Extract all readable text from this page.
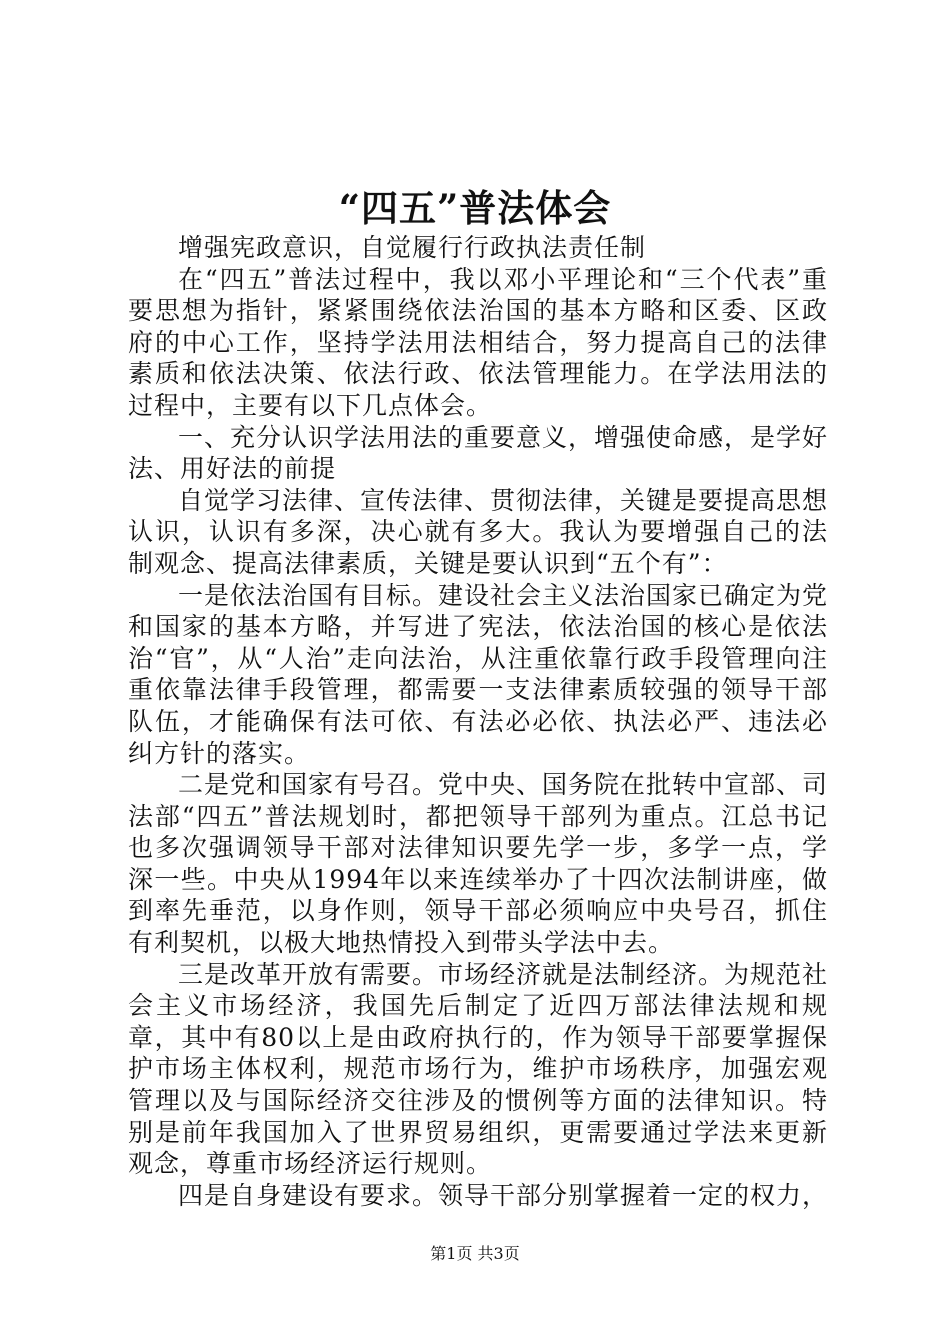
“四五”普法体会

增强宪政意识，自觉履行行政执法责任制

在“四五”普法过程中，我以邓小平理论和“三个代表”重要思想为指针，紧紧围绕依法治国的基本方略和区委、区政府的中心工作，坚持学法用法相结合，努力提高自己的法律素质和依法决策、依法行政、依法管理能力。在学法用法的过程中，主要有以下几点体会。

一、充分认识学法用法的重要意义，增强使命感，是学好法、用好法的前提

自觉学习法律、宣传法律、贯彻法律，关键是要提高思想认识，认识有多深，决心就有多大。我认为要增强自己的法制观念、提高法律素质，关键是要认识到“五个有”：

一是依法治国有目标。建设社会主义法治国家已确定为党和国家的基本方略，并写进了宪法，依法治国的核心是依法治“官”，从“人治”走向法治，从注重依靠行政手段管理向注重依靠法律手段管理，都需要一支法律素质较强的领导干部队伍，才能确保有法可依、有法必必依、执法必严、违法必纠方针的落实。

二是党和国家有号召。党中央、国务院在批转中宣部、司法部“四五”普法规划时，都把领导干部列为重点。江总书记也多次强调领导干部对法律知识要先学一步，多学一点，学深一些。中央从1994年以来连续举办了十四次法制讲座，做到率先垂范，以身作则，领导干部必须响应中央号召，抓住有利契机，以极大地热情投入到带头学法中去。

三是改革开放有需要。市场经济就是法制经济。为规范社会主义市场经济，我国先后制定了近四万部法律法规和规章，其中有80以上是由政府执行的，作为领导干部要掌握保护市场主体权利，规范市场行为，维护市场秩序，加强宏观管理以及与国际经济交往涉及的惯例等方面的法律知识。特别是前年我国加入了世界贸易组织，更需要通过学法来更新观念，尊重市场经济运行规则。

四是自身建设有要求。领导干部分别掌握着一定的权力，

第1页 共3页
